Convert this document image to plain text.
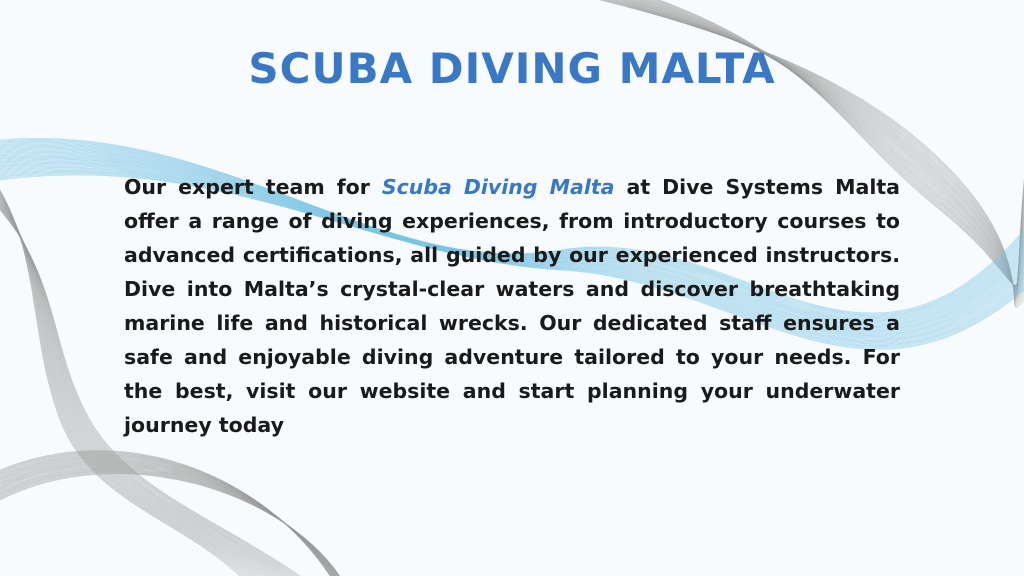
SCUBA DIVING MALTA

Our expert team for Scuba Diving Malta at Dive Systems Malta offer a range of diving experiences, from introductory courses to advanced certifications, all guided by our experienced instructors. Dive into Malta’s crystal-clear waters and discover breathtaking marine life and historical wrecks. Our dedicated staff ensures a safe and enjoyable diving adventure tailored to your needs. For the best, visit our website and start planning your underwater journey today
